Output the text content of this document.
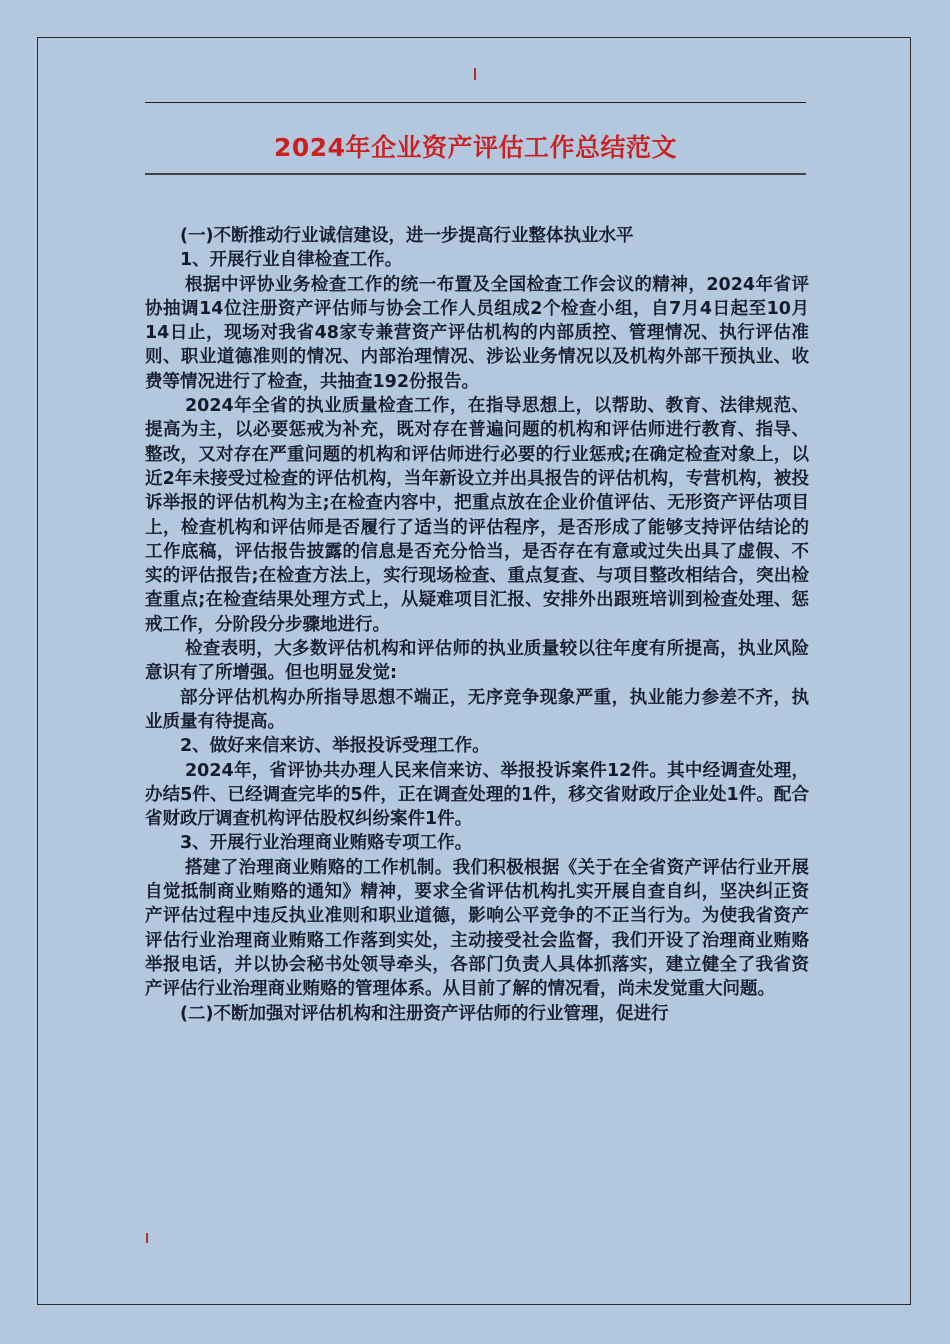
2024年企业资产评估工作总结范文

(一)不断推动行业诚信建设，进一步提高行业整体执业水平

1、开展行业自律检查工作。

根据中评协业务检查工作的统一布置及全国检查工作会议的精神，2024年省评协抽调14位注册资产评估师与协会工作人员组成2个检查小组，自7月4日起至10月14日止，现场对我省48家专兼营资产评估机构的内部质控、管理情况、执行评估准则、职业道德准则的情况、内部治理情况、涉讼业务情况以及机构外部干预执业、收费等情况进行了检查，共抽查192份报告。

2024年全省的执业质量检查工作，在指导思想上，以帮助、教育、法律规范、提高为主，以必要惩戒为补充，既对存在普遍问题的机构和评估师进行教育、指导、整改，又对存在严重问题的机构和评估师进行必要的行业惩戒;在确定检查对象上，以近2年未接受过检查的评估机构，当年新设立并出具报告的评估机构，专营机构，被投诉举报的评估机构为主;在检查内容中，把重点放在企业价值评估、无形资产评估项目上，检查机构和评估师是否履行了适当的评估程序，是否形成了能够支持评估结论的工作底稿，评估报告披露的信息是否充分恰当，是否存在有意或过失出具了虚假、不实的评估报告;在检查方法上，实行现场检查、重点复查、与项目整改相结合，突出检查重点;在检查结果处理方式上，从疑难项目汇报、安排外出跟班培训到检查处理、惩戒工作，分阶段分步骤地进行。

检查表明，大多数评估机构和评估师的执业质量较以往年度有所提高，执业风险意识有了所增强。但也明显发觉:

部分评估机构办所指导思想不端正，无序竞争现象严重，执业能力参差不齐，执业质量有待提高。

2、做好来信来访、举报投诉受理工作。

2024年，省评协共办理人民来信来访、举报投诉案件12件。其中经调查处理，办结5件、已经调查完毕的5件，正在调查处理的1件，移交省财政厅企业处1件。配合省财政厅调查机构评估股权纠纷案件1件。

3、开展行业治理商业贿赂专项工作。

搭建了治理商业贿赂的工作机制。我们积极根据《关于在全省资产评估行业开展自觉抵制商业贿赂的通知》精神，要求全省评估机构扎实开展自查自纠，坚决纠正资产评估过程中违反执业准则和职业道德，影响公平竞争的不正当行为。为使我省资产评估行业治理商业贿赂工作落到实处，主动接受社会监督，我们开设了治理商业贿赂举报电话，并以协会秘书处领导牵头，各部门负责人具体抓落实，建立健全了我省资产评估行业治理商业贿赂的管理体系。从目前了解的情况看，尚未发觉重大问题。

(二)不断加强对评估机构和注册资产评估师的行业管理，促进行
